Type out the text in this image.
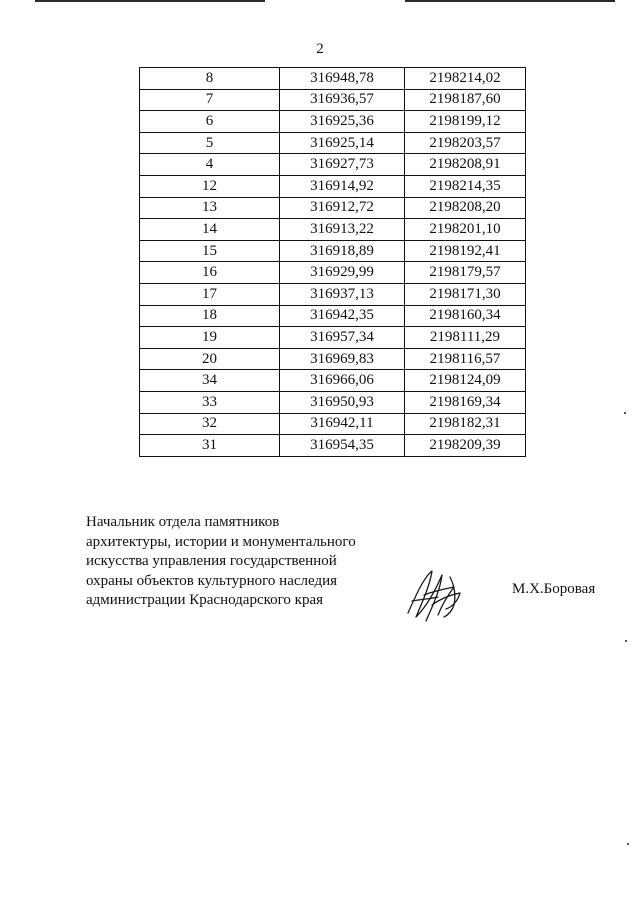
2
8	316948,78	2198214,02
7	316936,57	2198187,60
6	316925,36	2198199,12
5	316925,14	2198203,57
4	316927,73	2198208,91
12	316914,92	2198214,35
13	316912,72	2198208,20
14	316913,22	2198201,10
15	316918,89	2198192,41
16	316929,99	2198179,57
17	316937,13	2198171,30
18	316942,35	2198160,34
19	316957,34	2198111,29
20	316969,83	2198116,57
34	316966,06	2198124,09
33	316950,93	2198169,34
32	316942,11	2198182,31
31	316954,35	2198209,39
Начальник отдела памятников
архитектуры, истории и монументального
искусства управления государственной
охраны объектов культурного наследия
администрации Краснодарского края
М.Х.Боровая
